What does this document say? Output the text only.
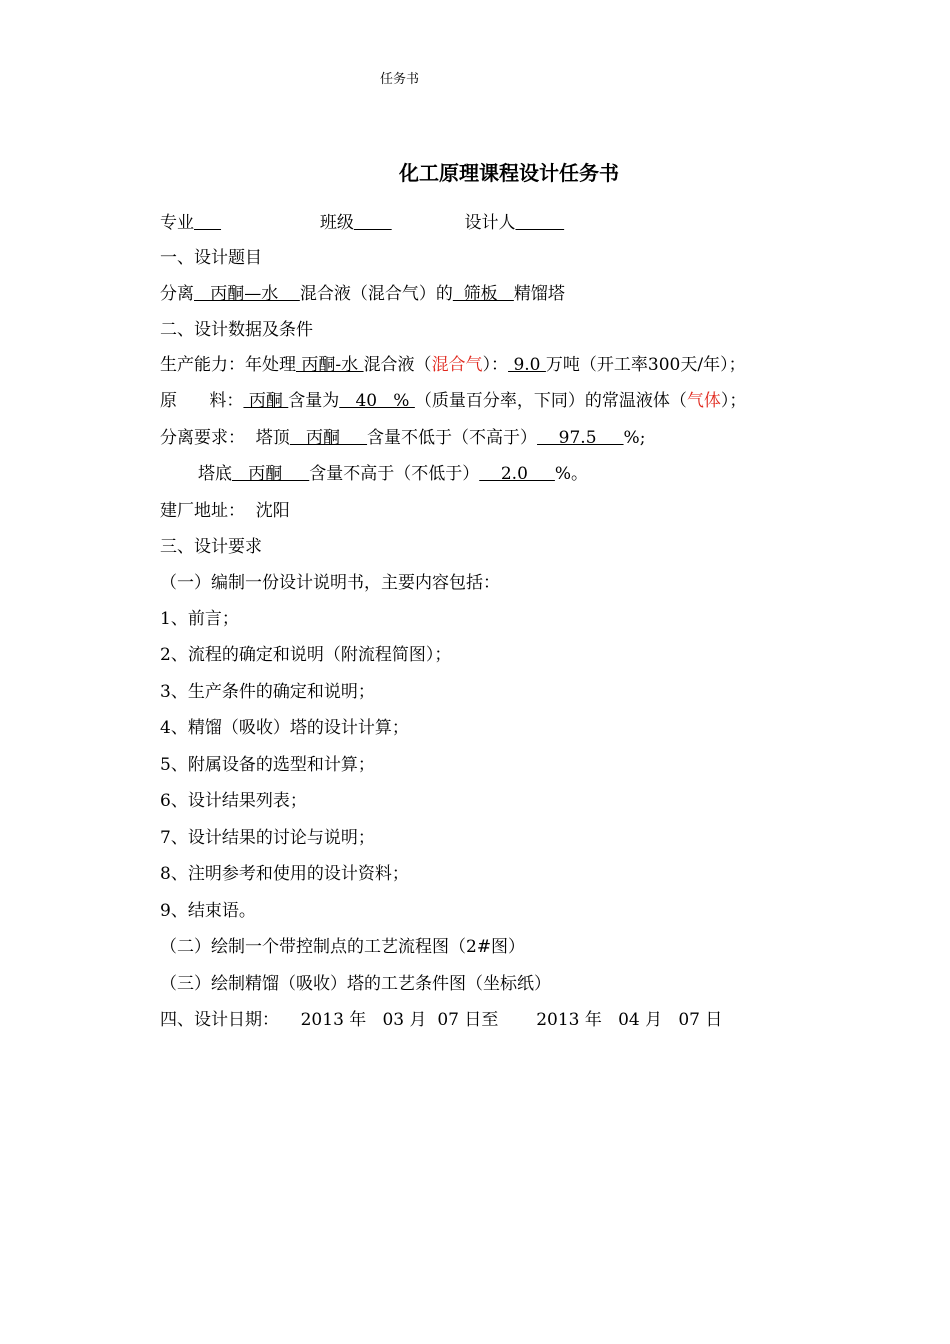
任务书
化工原理课程设计任务书
专业	班级	设计人
一、设计题目
分离   丙酮—水    混合液（混合气）的  筛板   精馏塔
二、设计数据及条件
生产能力：年处理 丙酮-水 混合液（混合气）： 9.0 万吨（开工率300天/年）；
原      料： 丙酮 含量为   40   % （质量百分率，下同）的常温液体（气体）；
分离要求：  塔顶   丙酮     含量不低于（不高于）    97.5     %;
塔底   丙酮     含量不高于（不低于）    2.0     %。
建厂地址：  沈阳
三、设计要求
（一）编制一份设计说明书，主要内容包括：
1、前言；
2、流程的确定和说明（附流程简图）；
3、生产条件的确定和说明；
4、精馏（吸收）塔的设计计算；
5、附属设备的选型和计算；
6、设计结果列表；
7、设计结果的讨论与说明；
8、注明参考和使用的设计资料；
9、结束语。
（二）绘制一个带控制点的工艺流程图（2#图）
（三）绘制精馏（吸收）塔的工艺条件图（坐标纸）
四、设计日期：    2013 年   03 月  07 日至       2013 年   04 月   07 日
